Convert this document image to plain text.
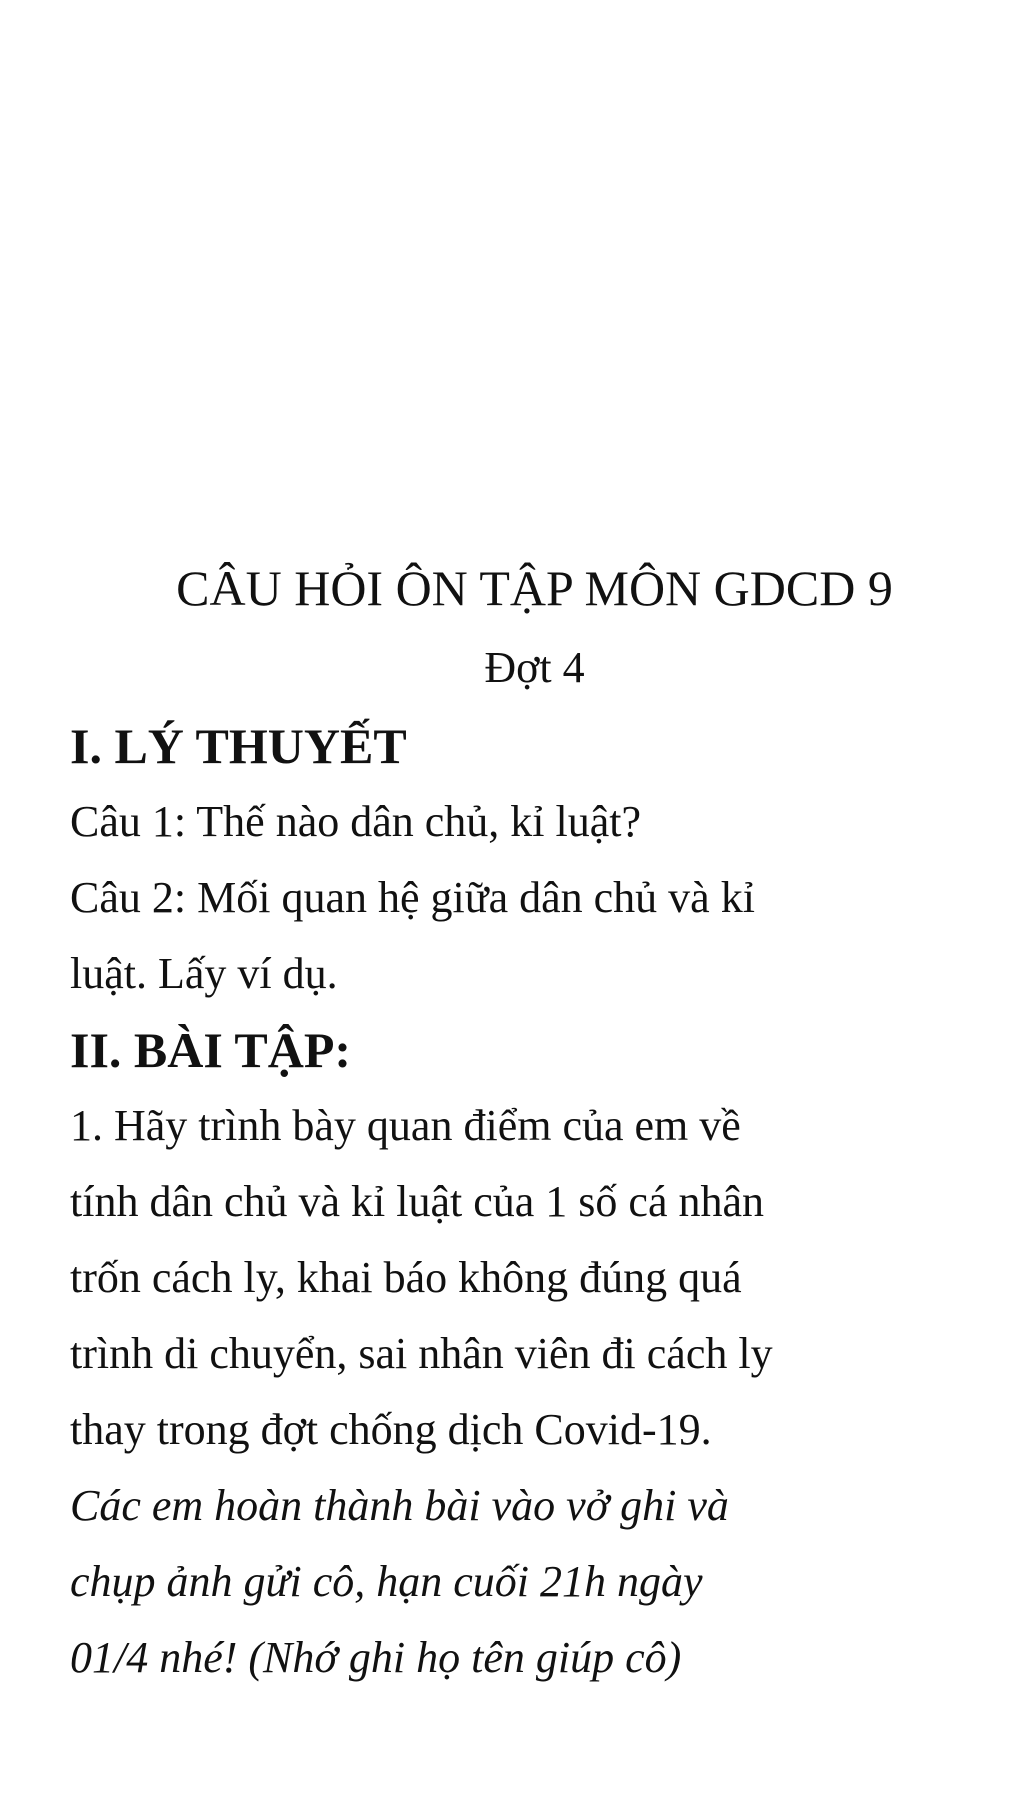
CÂU HỎI ÔN TẬP MÔN GDCD 9

Đợt 4

I. LÝ THUYẾT

Câu 1: Thế nào dân chủ, kỉ luật?

Câu 2: Mối quan hệ giữa dân chủ và kỉ

luật. Lấy ví dụ.

II. BÀI TẬP:

1. Hãy trình bày quan điểm của em về

tính dân chủ và kỉ luật của 1 số cá nhân

trốn cách ly, khai báo không đúng quá

trình di chuyển, sai nhân viên đi cách ly

thay trong đợt chống dịch Covid-19.

Các em hoàn thành bài vào vở ghi và

chụp ảnh gửi cô, hạn cuối 21h ngày

01/4 nhé! (Nhớ ghi họ tên giúp cô)
